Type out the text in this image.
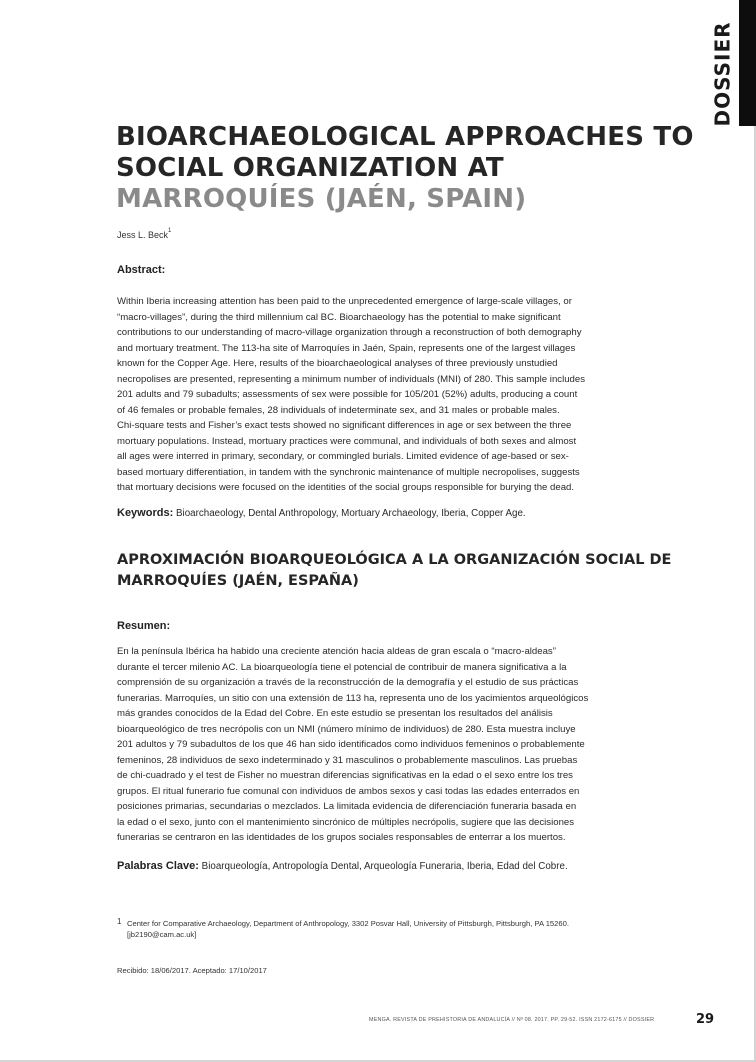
DOSSIER
BIOARCHAEOLOGICAL APPROACHES TO SOCIAL ORGANIZATION AT MARROQUÍES (JAÉN, SPAIN)
Jess L. Beck$^1$
Abstract:

Within Iberia increasing attention has been paid to the unprecedented emergence of large-scale villages, or
“macro-villages”, during the third millennium cal BC. Bioarchaeology has the potential to make significant
contributions to our understanding of macro-village organization through a reconstruction of both demography
and mortuary treatment. The 113-ha site of Marroquíes in Jaén, Spain, represents one of the largest villages
known for the Copper Age. Here, results of the bioarchaeological analyses of three previously unstudied
necropolises are presented, representing a minimum number of individuals (MNI) of 280. This sample includes
201 adults and 79 subadults; assessments of sex were possible for 105/201 (52%) adults, producing a count
of 46 females or probable females, 28 individuals of indeterminate sex, and 31 males or probable males.
Chi-square tests and Fisher’s exact tests showed no significant differences in age or sex between the three
mortuary populations. Instead, mortuary practices were communal, and individuals of both sexes and almost
all ages were interred in primary, secondary, or commingled burials. Limited evidence of age-based or sex-
based mortuary differentiation, in tandem with the synchronic maintenance of multiple necropolises, suggests
that mortuary decisions were focused on the identities of the social groups responsible for burying the dead.

Keywords: Bioarchaeology, Dental Anthropology, Mortuary Archaeology, Iberia, Copper Age.

APROXIMACIÓN BIOARQUEOLÓGICA A LA ORGANIZACIÓN SOCIAL DE MARROQUÍES (JAÉN, ESPAÑA)
Resumen:

En la península Ibérica ha habido una creciente atención hacia aldeas de gran escala o “macro-aldeas”
durante el tercer milenio AC. La bioarqueología tiene el potencial de contribuir de manera significativa a la
comprensión de su organización a través de la reconstrucción de la demografía y el estudio de sus prácticas
funerarias. Marroquíes, un sitio con una extensión de 113 ha, representa uno de los yacimientos arqueológicos
más grandes conocidos de la Edad del Cobre. En este estudio se presentan los resultados del análisis
bioarqueológico de tres necrópolis con un NMI (número mínimo de individuos) de 280. Esta muestra incluye
201 adultos y 79 subadultos de los que 46 han sido identificados como individuos femeninos o probablemente
femeninos, 28 individuos de sexo indeterminado y 31 masculinos o probablemente masculinos. Las pruebas
de chi-cuadrado y el test de Fisher no muestran diferencias significativas en la edad o el sexo entre los tres
grupos. El ritual funerario fue comunal con individuos de ambos sexos y casi todas las edades enterrados en
posiciones primarias, secundarias o mezclados. La limitada evidencia de diferenciación funeraria basada en
la edad o el sexo, junto con el mantenimiento sincrónico de múltiples necrópolis, sugiere que las decisiones
funerarias se centraron en las identidades de los grupos sociales responsables de enterrar a los muertos.

Palabras Clave: Bioarqueología, Antropología Dental, Arqueología Funeraria, Iberia, Edad del Cobre.

1 Center for Comparative Archaeology, Department of Anthropology, 3302 Posvar Hall, University of Pittsburgh, Pittsburgh, PA 15260.
[jb2190@cam.ac.uk]
Recibido: 18/06/2017. Aceptado: 17/10/2017
MENGA. REVISTA DE PREHISTORIA DE ANDALUCÍA // Nº 08. 2017. PP. 29-52. ISSN 2172-6175 // DOSSIER	29
